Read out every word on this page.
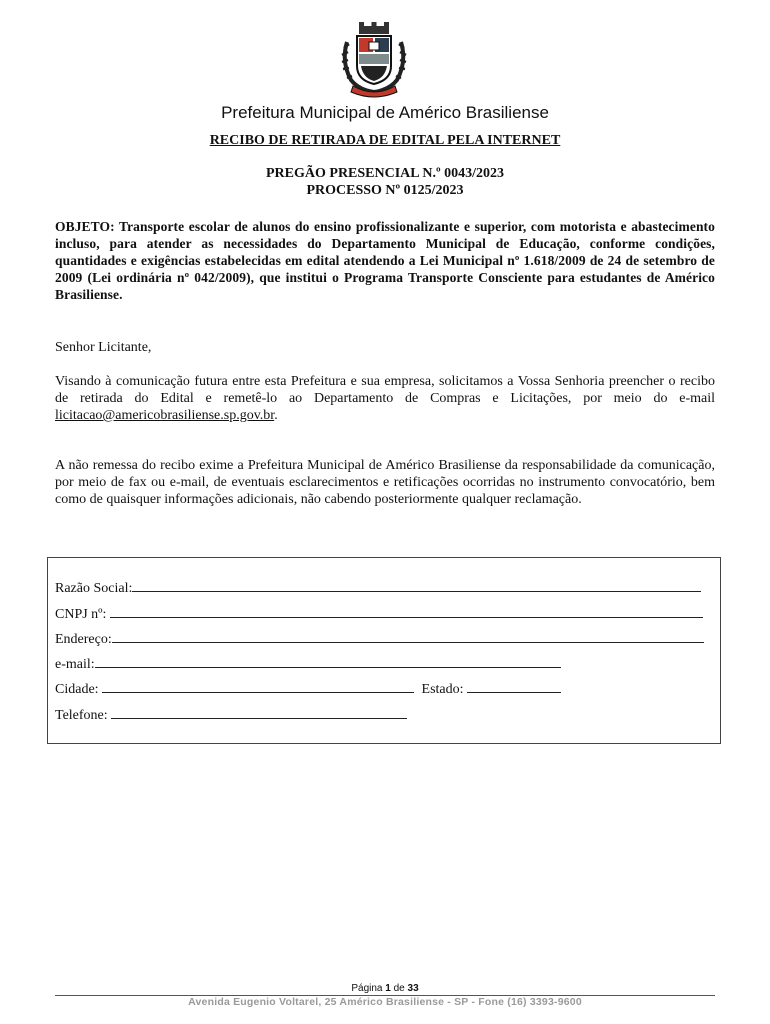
Prefeitura Municipal de Américo Brasiliense
RECIBO DE RETIRADA DE EDITAL PELA INTERNET
PREGÃO PRESENCIAL N.º 0043/2023
PROCESSO Nº 0125/2023
OBJETO: Transporte escolar de alunos do ensino profissionalizante e superior, com motorista e abastecimento incluso, para atender as necessidades do Departamento Municipal de Educação, conforme condições, quantidades e exigências estabelecidas em edital atendendo a Lei Municipal nº 1.618/2009 de 24 de setembro de 2009 (Lei ordinária nº 042/2009), que institui o Programa Transporte Consciente para estudantes de Américo Brasiliense.
Senhor Licitante,
Visando à comunicação futura entre esta Prefeitura e sua empresa, solicitamos a Vossa Senhoria preencher o recibo de retirada do Edital e remetê-lo ao Departamento de Compras e Licitações, por meio do e-mail licitacao@americobrasiliense.sp.gov.br.
A não remessa do recibo exime a Prefeitura Municipal de Américo Brasiliense da responsabilidade da comunicação, por meio de fax ou e-mail, de eventuais esclarecimentos e retificações ocorridas no instrumento convocatório, bem como de quaisquer informações adicionais, não cabendo posteriormente qualquer reclamação.
Razão Social:
CNPJ nº:
Endereço:
e-mail:
Cidade:	Estado:
Telefone:
Página 1 de 33
Avenida Eugenio Voltarel, 25 Américo Brasiliense - SP - Fone (16) 3393-9600
